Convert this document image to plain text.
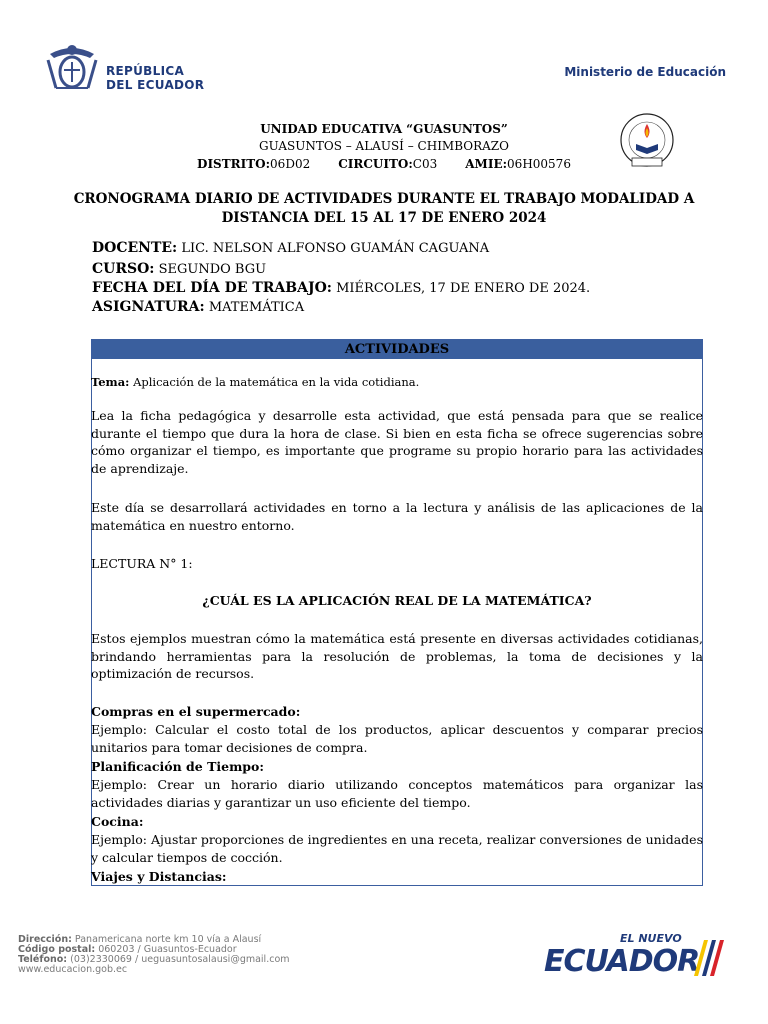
REPÚBLICA
DEL ECUADOR
Ministerio de Educación
UNIDAD EDUCATIVA “GUASUNTOS”
GUASUNTOS – ALAUSÍ – CHIMBORAZO
DISTRITO:06D02 CIRCUITO:C03 AMIE:06H00576
CRONOGRAMA DIARIO DE ACTIVIDADES DURANTE EL TRABAJO MODALIDAD A
DISTANCIA DEL 15 AL 17 DE ENERO 2024
DOCENTE: LIC. NELSON ALFONSO GUAMÁN CAGUANA
CURSO: SEGUNDO BGU
FECHA DEL DÍA DE TRABAJO: MIÉRCOLES, 17 DE ENERO DE 2024.
ASIGNATURA: MATEMÁTICA
ACTIVIDADES
Tema: Aplicación de la matemática en la vida cotidiana.
Lea la ficha pedagógica y desarrolle esta actividad, que está pensada para que se realice durante el tiempo que dura la hora de clase. Si bien en esta ficha se ofrece sugerencias sobre cómo organizar el tiempo, es importante que programe su propio horario para las actividades de aprendizaje.
Este día se desarrollará actividades en torno a la lectura y análisis de las aplicaciones de la matemática en nuestro entorno.
LECTURA N° 1:
¿CUÁL ES LA APLICACIÓN REAL DE LA MATEMÁTICA?
Estos ejemplos muestran cómo la matemática está presente en diversas actividades cotidianas, brindando herramientas para la resolución de problemas, la toma de decisiones y la optimización de recursos.
Compras en el supermercado:
Ejemplo: Calcular el costo total de los productos, aplicar descuentos y comparar precios unitarios para tomar decisiones de compra.
Planificación de Tiempo:
Ejemplo: Crear un horario diario utilizando conceptos matemáticos para organizar las actividades diarias y garantizar un uso eficiente del tiempo.
Cocina:
Ejemplo: Ajustar proporciones de ingredientes en una receta, realizar conversiones de unidades y calcular tiempos de cocción.
Viajes y Distancias:
Dirección: Panamericana norte km 10 vía a Alausí
Código postal: 060203 / Guasuntos-Ecuador
Teléfono: (03)2330069 / ueguasuntosalausi@gmail.com
www.educacion.gob.ec
EL NUEVO
ECUADOR
